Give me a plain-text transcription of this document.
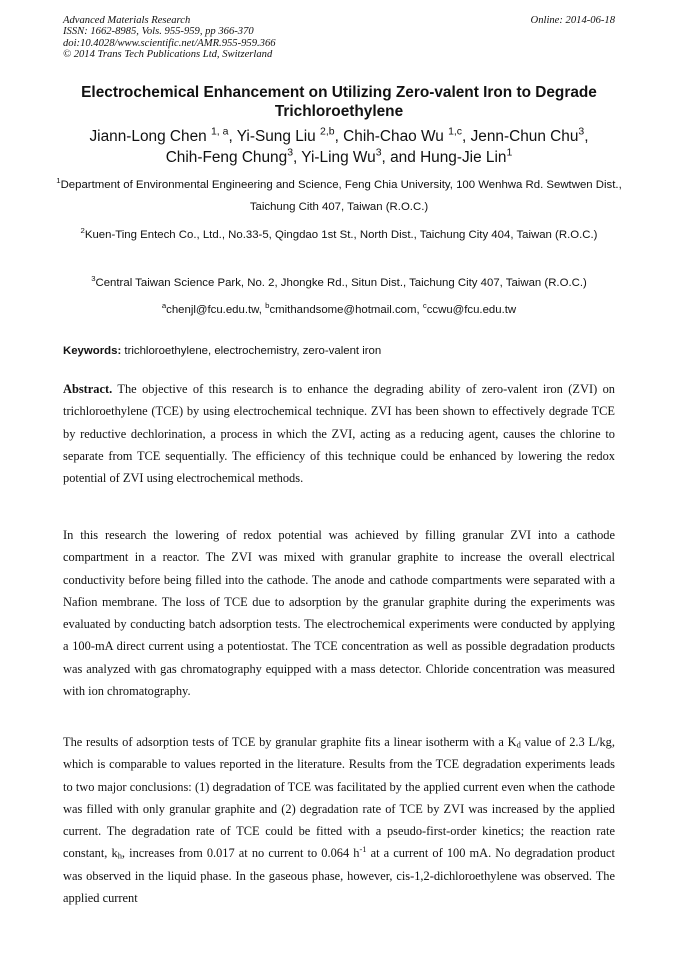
Advanced Materials Research
ISSN: 1662-8985, Vols. 955-959, pp 366-370
doi:10.4028/www.scientific.net/AMR.955-959.366
© 2014 Trans Tech Publications Ltd, Switzerland
Online: 2014-06-18
Electrochemical Enhancement on Utilizing Zero-valent Iron to Degrade Trichloroethylene
Jiann-Long Chen $^{1, a}$, Yi-Sung Liu $^{2,b}$, Chih-Chao Wu $^{1,c}$, Jenn-Chun Chu$^3$,
Chih-Feng Chung$^3$, Yi-Ling Wu$^3$, and Hung-Jie Lin$^1$
$^1$Department of Environmental Engineering and Science, Feng Chia University, 100 Wenhwa Rd. Sewtwen Dist., Taichung Cith 407, Taiwan (R.O.C.)
$^2$Kuen-Ting Entech Co., Ltd., No.33-5, Qingdao 1st St., North Dist., Taichung City 404, Taiwan (R.O.C.)
$^3$Central Taiwan Science Park, No. 2, Jhongke Rd., Situn Dist., Taichung City 407, Taiwan (R.O.C.)
$^a$chenjl@fcu.edu.tw, $^b$cmithandsome@hotmail.com, $^c$ccwu@fcu.edu.tw
Keywords: trichloroethylene, electrochemistry, zero-valent iron
Abstract. The objective of this research is to enhance the degrading ability of zero-valent iron (ZVI) on trichloroethylene (TCE) by using electrochemical technique. ZVI has been shown to effectively degrade TCE by reductive dechlorination, a process in which the ZVI, acting as a reducing agent, causes the chlorine to separate from TCE sequentially. The efficiency of this technique could be enhanced by lowering the redox potential of ZVI using electrochemical methods.
In this research the lowering of redox potential was achieved by filling granular ZVI into a cathode compartment in a reactor. The ZVI was mixed with granular graphite to increase the overall electrical conductivity before being filled into the cathode. The anode and cathode compartments were separated with a Nafion membrane. The loss of TCE due to adsorption by the granular graphite during the experiments was evaluated by conducting batch adsorption tests. The electrochemical experiments were conducted by applying a 100-mA direct current using a potentiostat. The TCE concentration as well as possible degradation products was analyzed with gas chromatography equipped with a mass detector. Chloride concentration was measured with ion chromatography.
The results of adsorption tests of TCE by granular graphite fits a linear isotherm with a $K_d$ value of 2.3 L/kg, which is comparable to values reported in the literature. Results from the TCE degradation experiments leads to two major conclusions: (1) degradation of TCE was facilitated by the applied current even when the cathode was filled with only granular graphite and (2) degradation rate of TCE by ZVI was increased by the applied current. The degradation rate of TCE could be fitted with a pseudo-first-order kinetics; the reaction rate constant, $k_h$, increases from 0.017 at no current to 0.064 $h^{-1}$ at a current of 100 mA. No degradation product was observed in the liquid phase. In the gaseous phase, however, cis-1,2-dichloroethylene was observed. The applied current
